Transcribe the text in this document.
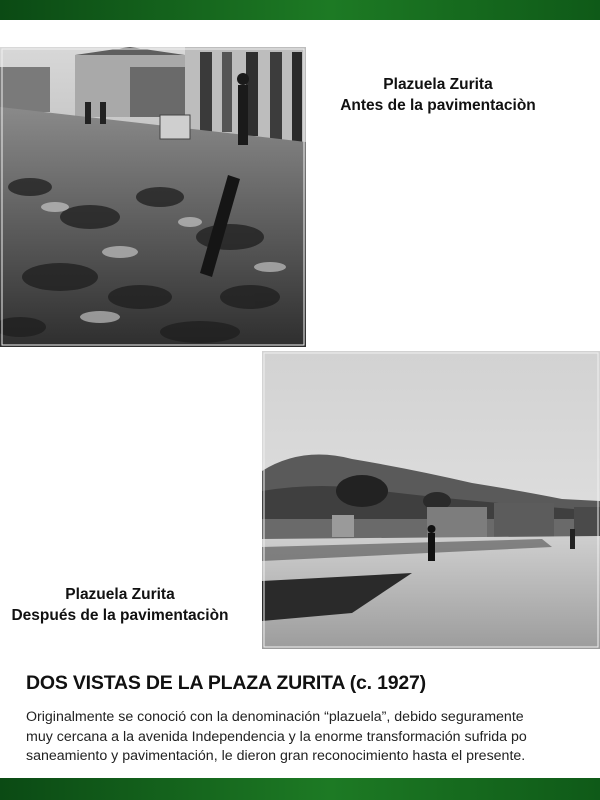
Plazuela Zurita
Antes de la pavimentaciòn
Plazuela Zurita
Después de la pavimentaciòn
DOS VISTAS DE LA PLAZA ZURITA (c. 1927)
Originalmente se conoció con la denominación “plazuela”, debido seguramente
muy cercana a la avenida Independencia y la enorme transformación sufrida po
saneamiento y pavimentación, le dieron gran reconocimiento hasta el presente.
